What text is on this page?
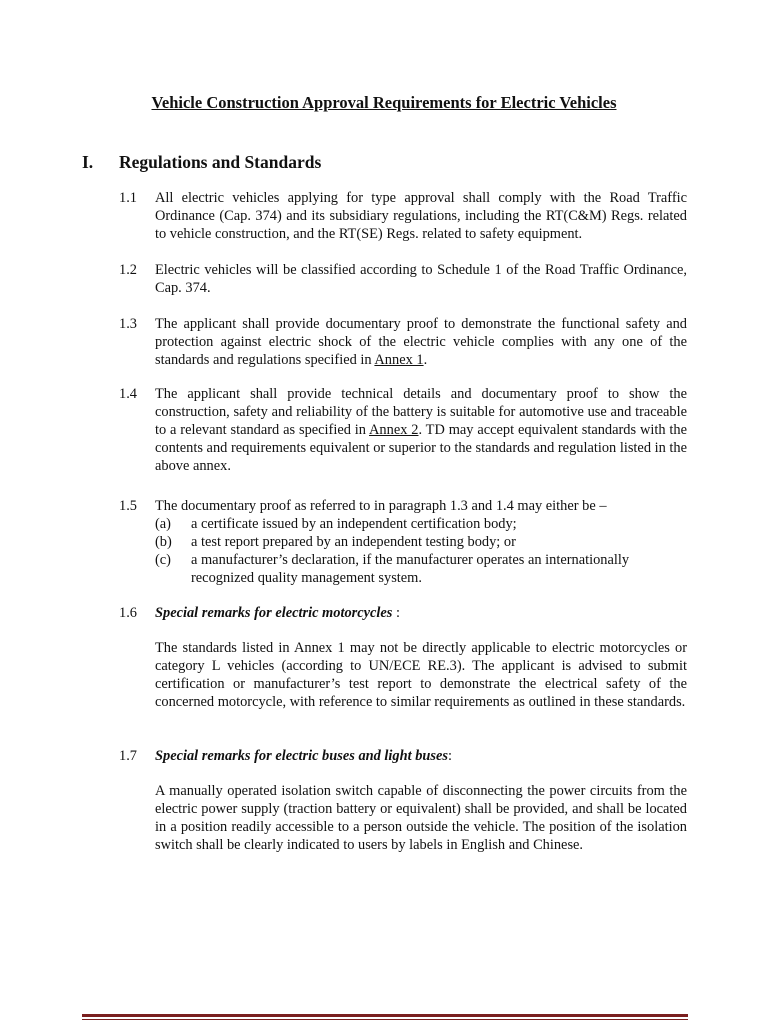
Vehicle Construction Approval Requirements for Electric Vehicles
I. Regulations and Standards
1.1 All electric vehicles applying for type approval shall comply with the Road Traffic Ordinance (Cap. 374) and its subsidiary regulations, including the RT(C&M) Regs. related to vehicle construction, and the RT(SE) Regs. related to safety equipment.
1.2 Electric vehicles will be classified according to Schedule 1 of the Road Traffic Ordinance, Cap. 374.
1.3 The applicant shall provide documentary proof to demonstrate the functional safety and protection against electric shock of the electric vehicle complies with any one of the standards and regulations specified in Annex 1.
1.4 The applicant shall provide technical details and documentary proof to show the construction, safety and reliability of the battery is suitable for automotive use and traceable to a relevant standard as specified in Annex 2. TD may accept equivalent standards with the contents and requirements equivalent or superior to the standards and regulation listed in the above annex.
1.5 The documentary proof as referred to in paragraph 1.3 and 1.4 may either be –
(a) a certificate issued by an independent certification body;
(b) a test report prepared by an independent testing body; or
(c) a manufacturer’s declaration, if the manufacturer operates an internationally recognized quality management system.
1.6 Special remarks for electric motorcycles :
The standards listed in Annex 1 may not be directly applicable to electric motorcycles or category L vehicles (according to UN/ECE RE.3). The applicant is advised to submit certification or manufacturer’s test report to demonstrate the electrical safety of the concerned motorcycle, with reference to similar requirements as outlined in these standards.
1.7 Special remarks for electric buses and light buses:
A manually operated isolation switch capable of disconnecting the power circuits from the electric power supply (traction battery or equivalent) shall be provided, and shall be located in a position readily accessible to a person outside the vehicle. The position of the isolation switch shall be clearly indicated to users by labels in English and Chinese.
